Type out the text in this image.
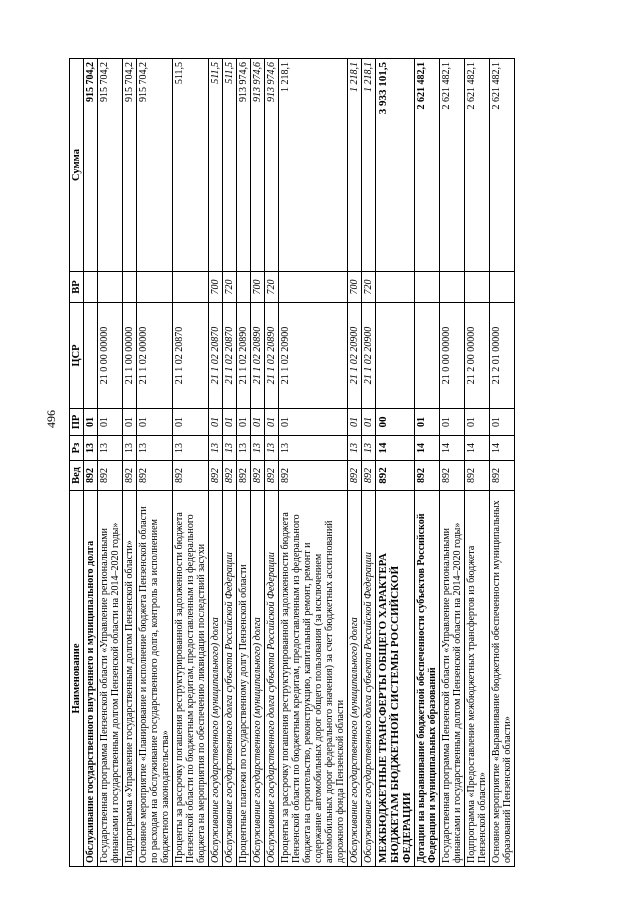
496
Наименование	Вед	Рз	ПР	ЦСР	ВР	Сумма
Обслуживание государственного внутреннего и муниципального долга	892	13	01			915 704,2
Государственная программа Пензенской области «Управление региональными финансами и государственным долгом Пензенской области на 2014–2020 годы»	892	13	01	21 0 00 00000		915 704,2
Подпрограмма «Управление государственным долгом Пензенской области»	892	13	01	21 1 00 00000		915 704,2
Основное мероприятие «Планирование и исполнение бюджета Пензенской области по расходам на обслуживание государственного долга, контроль за исполнением бюджетного законодательства»	892	13	01	21 1 02 00000		915 704,2
Проценты за рассрочку погашения реструктурированной задолженности бюджета Пензенской области по бюджетным кредитам, предоставленным из федерального бюджета на мероприятия по обеспечению ликвидации последствий засухи	892	13	01	21 1 02 20870		511,5
Обслуживание государственного (муниципального) долга	892	13	01	21 1 02 20870	700	511,5
Обслуживание государственного долга субъекта Российской Федерации	892	13	01	21 1 02 20870	720	511,5
Процентные платежи по государственному долгу Пензенской области	892	13	01	21 1 02 20890		913 974,6
Обслуживание государственного (муниципального) долга	892	13	01	21 1 02 20890	700	913 974,6
Обслуживание государственного долга субъекта Российской Федерации	892	13	01	21 1 02 20890	720	913 974,6
Проценты за рассрочку погашения реструктурированной задолженности бюджета Пензенской области по бюджетным кредитам, предоставленным из федерального бюджета на строительство, реконструкцию, капитальный ремонт, ремонт и содержание автомобильных дорог общего пользования (за исключением автомобильных дорог федерального значения) за счет бюджетных ассигнований дорожного фонда Пензенской области	892	13	01	21 1 02 20900		1 218,1
Обслуживание государственного (муниципального) долга	892	13	01	21 1 02 20900	700	1 218,1
Обслуживание государственного долга субъекта Российской Федерации	892	13	01	21 1 02 20900	720	1 218,1
МЕЖБЮДЖЕТНЫЕ ТРАНСФЕРТЫ ОБЩЕГО ХАРАКТЕРА БЮДЖЕТАМ БЮДЖЕТНОЙ СИСТЕМЫ РОССИЙСКОЙ ФЕДЕРАЦИИ	892	14	00			3 933 101,5
Дотации на выравнивание бюджетной обеспеченности субъектов Российской Федерации и муниципальных образований	892	14	01			2 621 482,1
Государственная программа Пензенской области «Управление региональными финансами и государственным долгом Пензенской области на 2014–2020 годы»	892	14	01	21 0 00 00000		2 621 482,1
Подпрограмма «Предоставление межбюджетных трансфертов из бюджета Пензенской области»	892	14	01	21 2 00 00000		2 621 482,1
Основное мероприятие «Выравнивание бюджетной обеспеченности муниципальных образований Пензенской области»	892	14	01	21 2 01 00000		2 621 482,1
